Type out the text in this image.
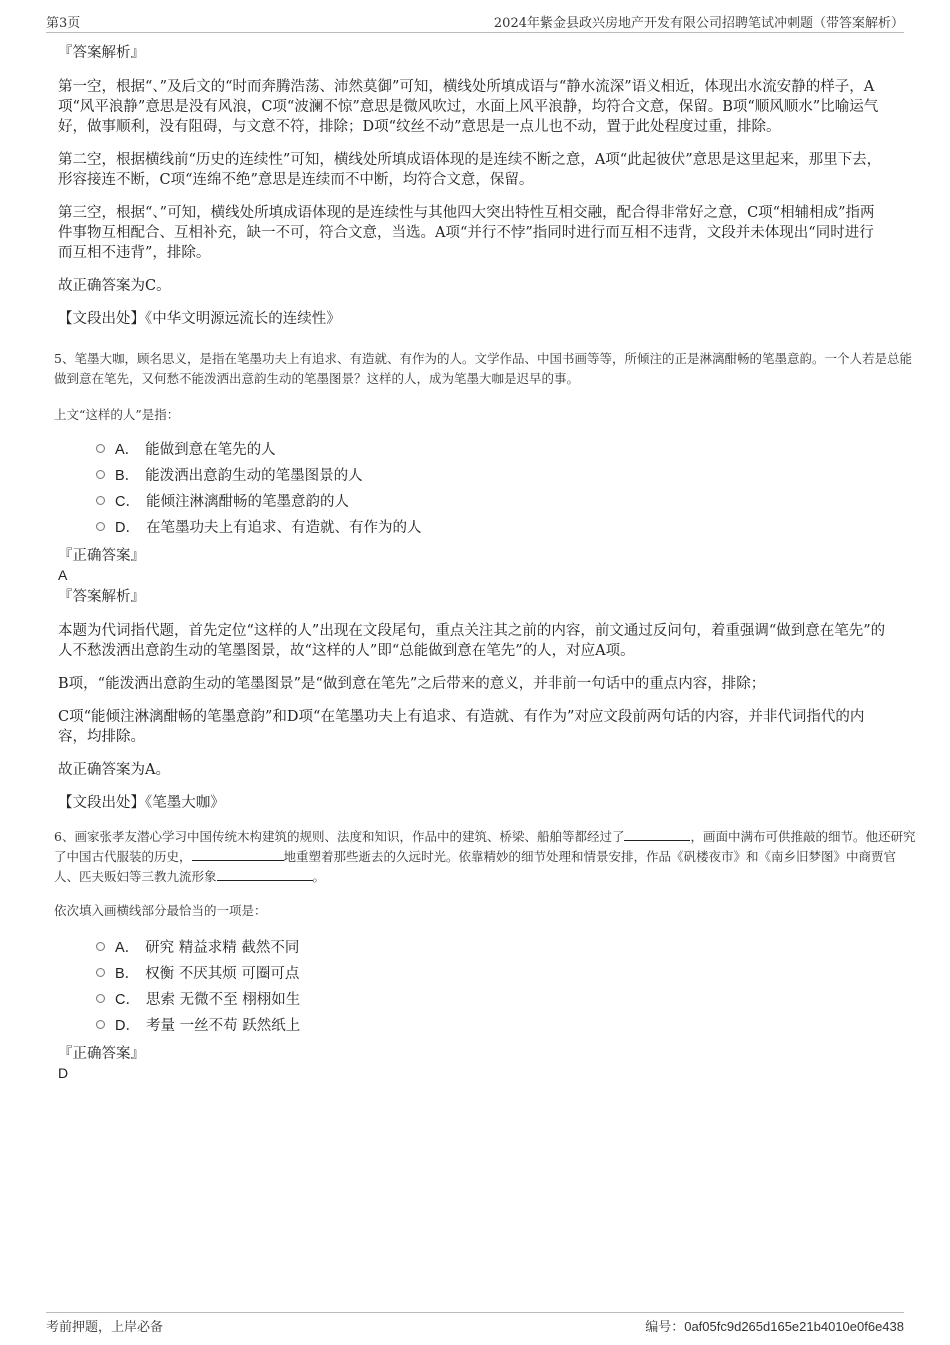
第3页	2024年紫金县政兴房地产开发有限公司招聘笔试冲刺题（带答案解析）

『答案解析』

第一空，根据“、”及后文的“时而奔腾浩荡、沛然莫御”可知，横线处所填成语与“静水流深”语义相近，体现出水流安静的样子，A项“风平浪静”意思是没有风浪，C项“波澜不惊”意思是微风吹过，水面上风平浪静，均符合文意，保留。B项“顺风顺水”比喻运气好，做事顺利，没有阻碍，与文意不符，排除；D项“纹丝不动”意思是一点儿也不动，置于此处程度过重，排除。

第二空，根据横线前“历史的连续性”可知，横线处所填成语体现的是连续不断之意，A项“此起彼伏”意思是这里起来，那里下去，形容接连不断，C项“连绵不绝”意思是连续而不中断，均符合文意，保留。

第三空，根据“、”可知，横线处所填成语体现的是连续性与其他四大突出特性互相交融，配合得非常好之意，C项“相辅相成”指两件事物互相配合、互相补充，缺一不可，符合文意，当选。A项“并行不悖”指同时进行而互相不违背，文段并未体现出“同时进行而互相不违背”，排除。

故正确答案为C。

【文段出处】《中华文明源远流长的连续性》

5、笔墨大咖，顾名思义，是指在笔墨功夫上有追求、有造就、有作为的人。文学作品、中国书画等等，所倾注的正是淋漓酣畅的笔墨意韵。一个人若是总能做到意在笔先，又何愁不能泼洒出意韵生动的笔墨图景？这样的人，成为笔墨大咖是迟早的事。

上文“这样的人”是指：

A． 能做到意在笔先的人
B． 能泼洒出意韵生动的笔墨图景的人
C． 能倾注淋漓酣畅的笔墨意韵的人
D． 在笔墨功夫上有追求、有造就、有作为的人

『正确答案』

A

『答案解析』

本题为代词指代题，首先定位“这样的人”出现在文段尾句，重点关注其之前的内容，前文通过反问句，着重强调“做到意在笔先”的人不愁泼洒出意韵生动的笔墨图景，故“这样的人”即“总能做到意在笔先”的人，对应A项。

B项，“能泼洒出意韵生动的笔墨图景”是“做到意在笔先”之后带来的意义，并非前一句话中的重点内容，排除；

C项“能倾注淋漓酣畅的笔墨意韵”和D项“在笔墨功夫上有追求、有造就、有作为”对应文段前两句话的内容，并非代词指代的内容，均排除。

故正确答案为A。

【文段出处】《笔墨大咖》

6、画家张孝友潜心学习中国传统木构建筑的规则、法度和知识，作品中的建筑、桥梁、船舶等都经过了	，画面中满布可供推敲的细节。他还研究了中国古代服装的历史，	地重塑着那些逝去的久远时光。依靠精妙的细节处理和情景安排，作品《矾楼夜市》和《南乡旧梦图》中商贾官人、匹夫贩妇等三教九流形象	。

依次填入画横线部分最恰当的一项是：

A． 研究 精益求精 截然不同
B． 权衡 不厌其烦 可圈可点
C． 思索 无微不至 栩栩如生
D． 考量 一丝不苟 跃然纸上

『正确答案』

D

考前押题，上岸必备	编号：0af05fc9d265d165e21b4010e0f6e438
